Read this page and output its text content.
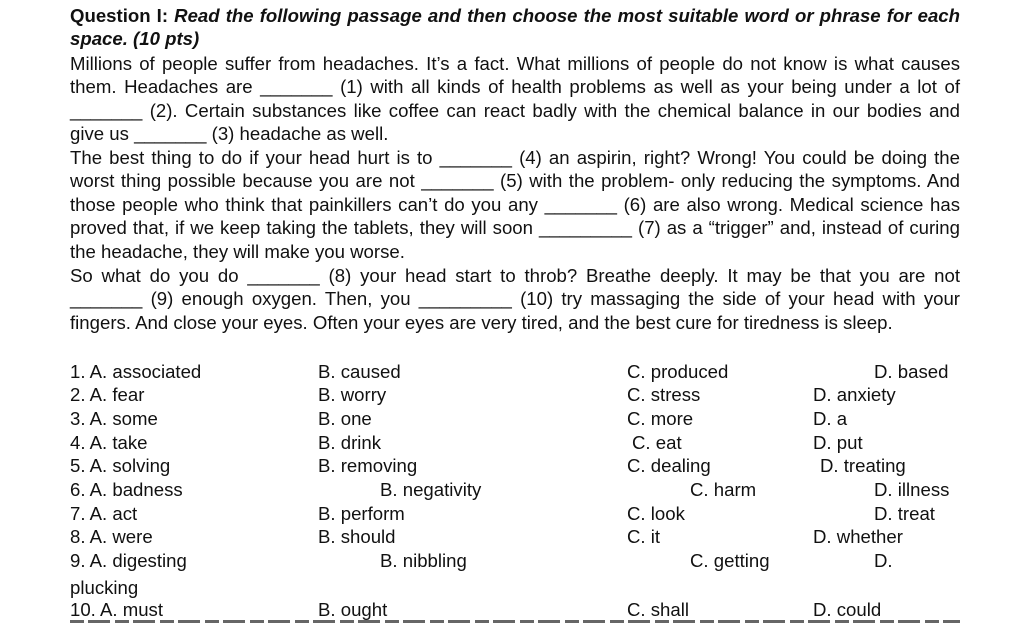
Question I: Read the following passage and then choose the most suitable word or phrase for each space. (10 pts)

Millions of people suffer from headaches. It’s a fact. What millions of people do not know is what causes them. Headaches are _______ (1) with all kinds of health problems as well as your being under a lot of _______ (2). Certain substances like coffee can react badly with the chemical balance in our bodies and give us _______ (3) headache as well.

The best thing to do if your head hurt is to _______ (4) an aspirin, right? Wrong! You could be doing the worst thing possible because you are not _______ (5) with the problem- only reducing the symptoms. And those people who think that painkillers can’t do you any _______ (6) are also wrong. Medical science has proved that, if we keep taking the tablets, they will soon _________ (7) as a “trigger” and, instead of curing the headache, they will make you worse.

So what do you do _______ (8) your head start to throb? Breathe deeply. It may be that you are not _______ (9) enough oxygen. Then, you _________ (10) try massaging the side of your head with your fingers. And close your eyes. Often your eyes are very tired, and the best cure for tiredness is sleep.

1. A. associated	B. caused	C. produced	D. based
2. A. fear	B. worry	C. stress	D. anxiety
3. A. some	B. one	C. more	D. a
4. A. take	B. drink	C. eat	D. put
5. A. solving	B. removing	C. dealing	D. treating
6. A. badness	B. negativity	C. harm	D. illness
7. A. act	B. perform	C. look	D. treat
8. A. were	B. should	C. it	D. whether
9. A. digesting	B. nibbling	C. getting	D.
plucking
10. A. must	B. ought	C. shall	D. could
